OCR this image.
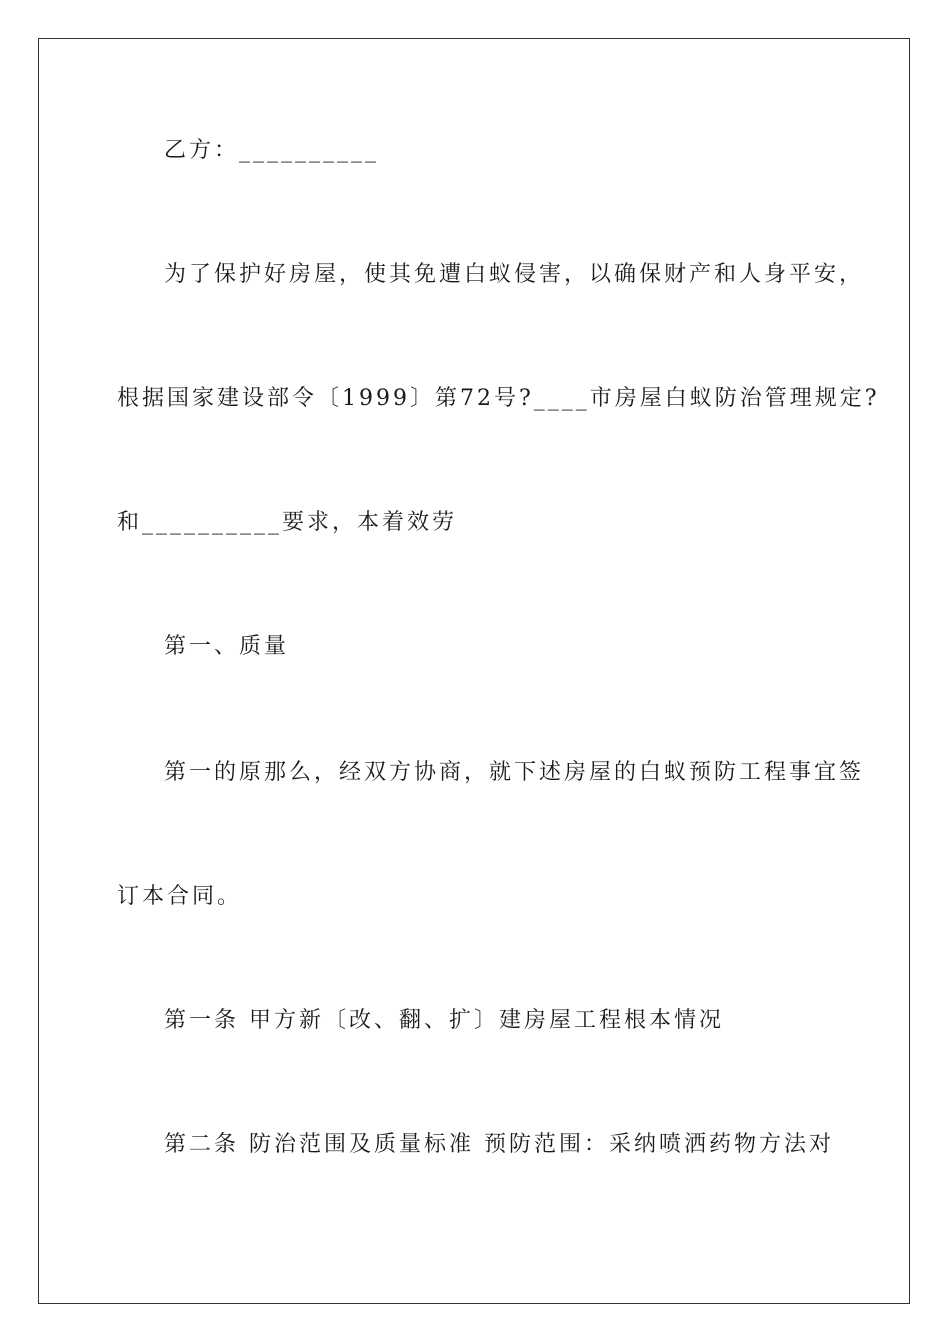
乙方：__________
为了保护好房屋，使其免遭白蚁侵害，以确保财产和人身平安，
根据国家建设部令〔1999〕第72号?____市房屋白蚁防治管理规定?
和__________要求，本着效劳
第一、质量
第一的原那么，经双方协商，就下述房屋的白蚁预防工程事宜签
订本合同。
第一条 甲方新〔改、翻、扩〕建房屋工程根本情况
第二条 防治范围及质量标准 预防范围：采纳喷洒药物方法对
